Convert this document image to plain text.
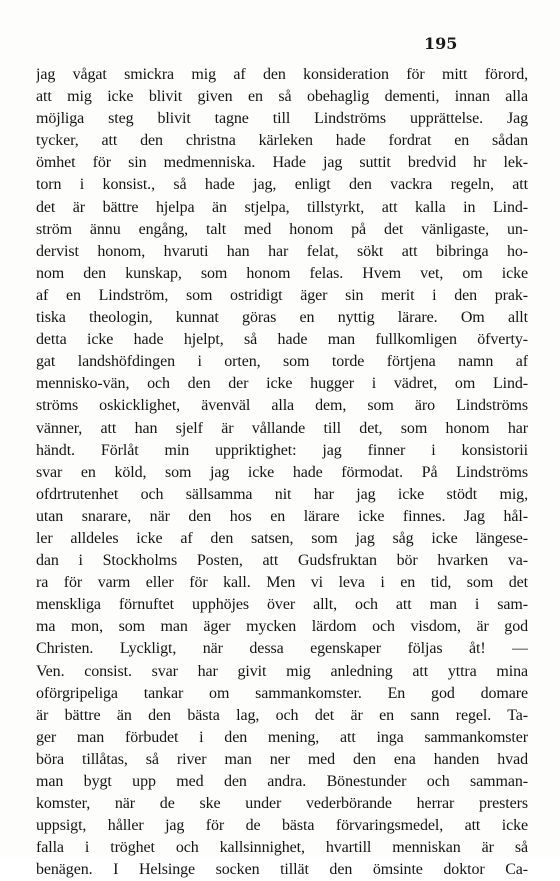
195
jag vågat smickra mig af den konsideration för mitt förord,
att mig icke blivit given en så obehaglig dementi, innan alla
möjliga steg blivit tagne till Lindströms upprättelse. Jag
tycker, att den christna kärleken hade fordrat en sådan
ömhet för sin medmenniska. Hade jag suttit bredvid hr lek-
torn i konsist., så hade jag, enligt den vackra regeln, att
det är bättre hjelpa än stjelpa, tillstyrkt, att kalla in Lind-
ström ännu engång, talt med honom på det vänligaste, un-
dervist honom, hvaruti han har felat, sökt att bibringa ho-
nom den kunskap, som honom felas. Hvem vet, om icke
af en Lindström, som ostridigt äger sin merit i den prak-
tiska theologin, kunnat göras en nyttig lärare. Om allt
detta icke hade hjelpt, så hade man fullkomligen öfverty-
gat landshöfdingen i orten, som torde förtjena namn af
mennisko-vän, och den der icke hugger i vädret, om Lind-
ströms oskicklighet, ävenväl alla dem, som äro Lindströms
vänner, att han sjelf är vållande till det, som honom har
händt. Förlåt min uppriktighet: jag finner i konsistorii
svar en köld, som jag icke hade förmodat. På Lindströms
ofdrtrutenhet och sällsamma nit har jag icke stödt mig,
utan snarare, när den hos en lärare icke finnes. Jag hål-
ler alldeles icke af den satsen, som jag såg icke längese-
dan i Stockholms Posten, att Gudsfruktan bör hvarken va-
ra för varm eller för kall. Men vi leva i en tid, som det
menskliga förnuftet upphöjes över allt, och att man i sam-
ma mon, som man äger mycken lärdom och visdom, är god
Christen. Lyckligt, när dessa egenskaper följas åt! —
Ven. consist. svar har givit mig anledning att yttra mina
oförgripeliga tankar om sammankomster. En god domare
är bättre än den bästa lag, och det är en sann regel. Ta-
ger man förbudet i den mening, att inga sammankomster
böra tillåtas, så river man ner med den ena handen hvad
man bygt upp med den andra. Bönestunder och samman-
komster, när de ske under vederbörande herrar presters
uppsigt, håller jag för de bästa förvaringsmedel, att icke
falla i tröghet och kallsinnighet, hvartill menniskan är så
benägen. I Helsinge socken tillät den ömsinte doktor Ca-
